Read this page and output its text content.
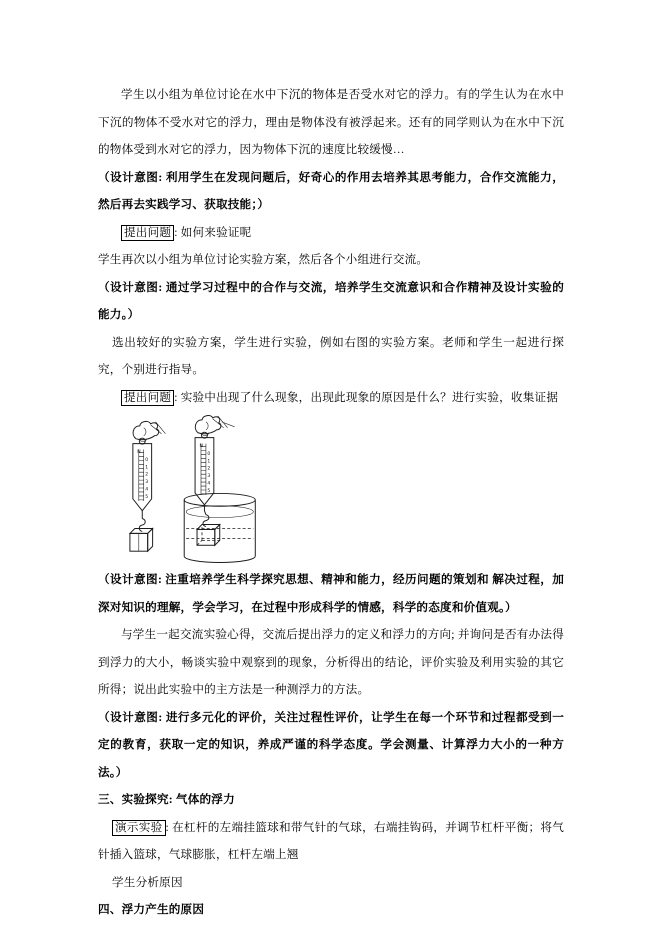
学生以小组为单位讨论在水中下沉的物体是否受水对它的浮力。有的学生认为在水中下沉的物体不受水对它的浮力，理由是物体没有被浮起来。还有的同学则认为在水中下沉的物体受到水对它的浮力，因为物体下沉的速度比较缓慢…

（设计意图: 利用学生在发现问题后，好奇心的作用去培养其思考能力，合作交流能力，然后再去实践学习、获取技能；）

提出问题 : 如何来验证呢

学生再次以小组为单位讨论实验方案，然后各个小组进行交流。

（设计意图: 通过学习过程中的合作与交流，培养学生交流意识和合作精神及设计实验的能力。）

选出较好的实验方案，学生进行实验，例如右图的实验方案。老师和学生一起进行探究，个别进行指导。

提出问题 : 实验中出现了什么现象，出现此现象的原因是什么？进行实验，收集证据

N
0
1
2
3
4
5
N
0
1
2
3
4
5

（设计意图: 注重培养学生科学探究思想、精神和能力，经历问题的策划和 解决过程，加深对知识的理解，学会学习，在过程中形成科学的情感，科学的态度和价值观。）

与学生一起交流实验心得，交流后提出浮力的定义和浮力的方向; 并询问是否有办法得到浮力的大小，畅谈实验中观察到的现象，分析得出的结论，评价实验及利用实验的其它所得；说出此实验中的主方法是一种测浮力的方法。

（设计意图: 进行多元化的评价，关注过程性评价，让学生在每一个环节和过程都受到一定的教育，获取一定的知识，养成严谨的科学态度。学会测量、计算浮力大小的一种方法。）

三、实验探究: 气体的浮力

演示实验 : 在杠杆的左端挂篮球和带气针的气球，右端挂钩码，并调节杠杆平衡；将气针插入篮球，气球膨胀，杠杆左端上翘

学生分析原因

四、浮力产生的原因
